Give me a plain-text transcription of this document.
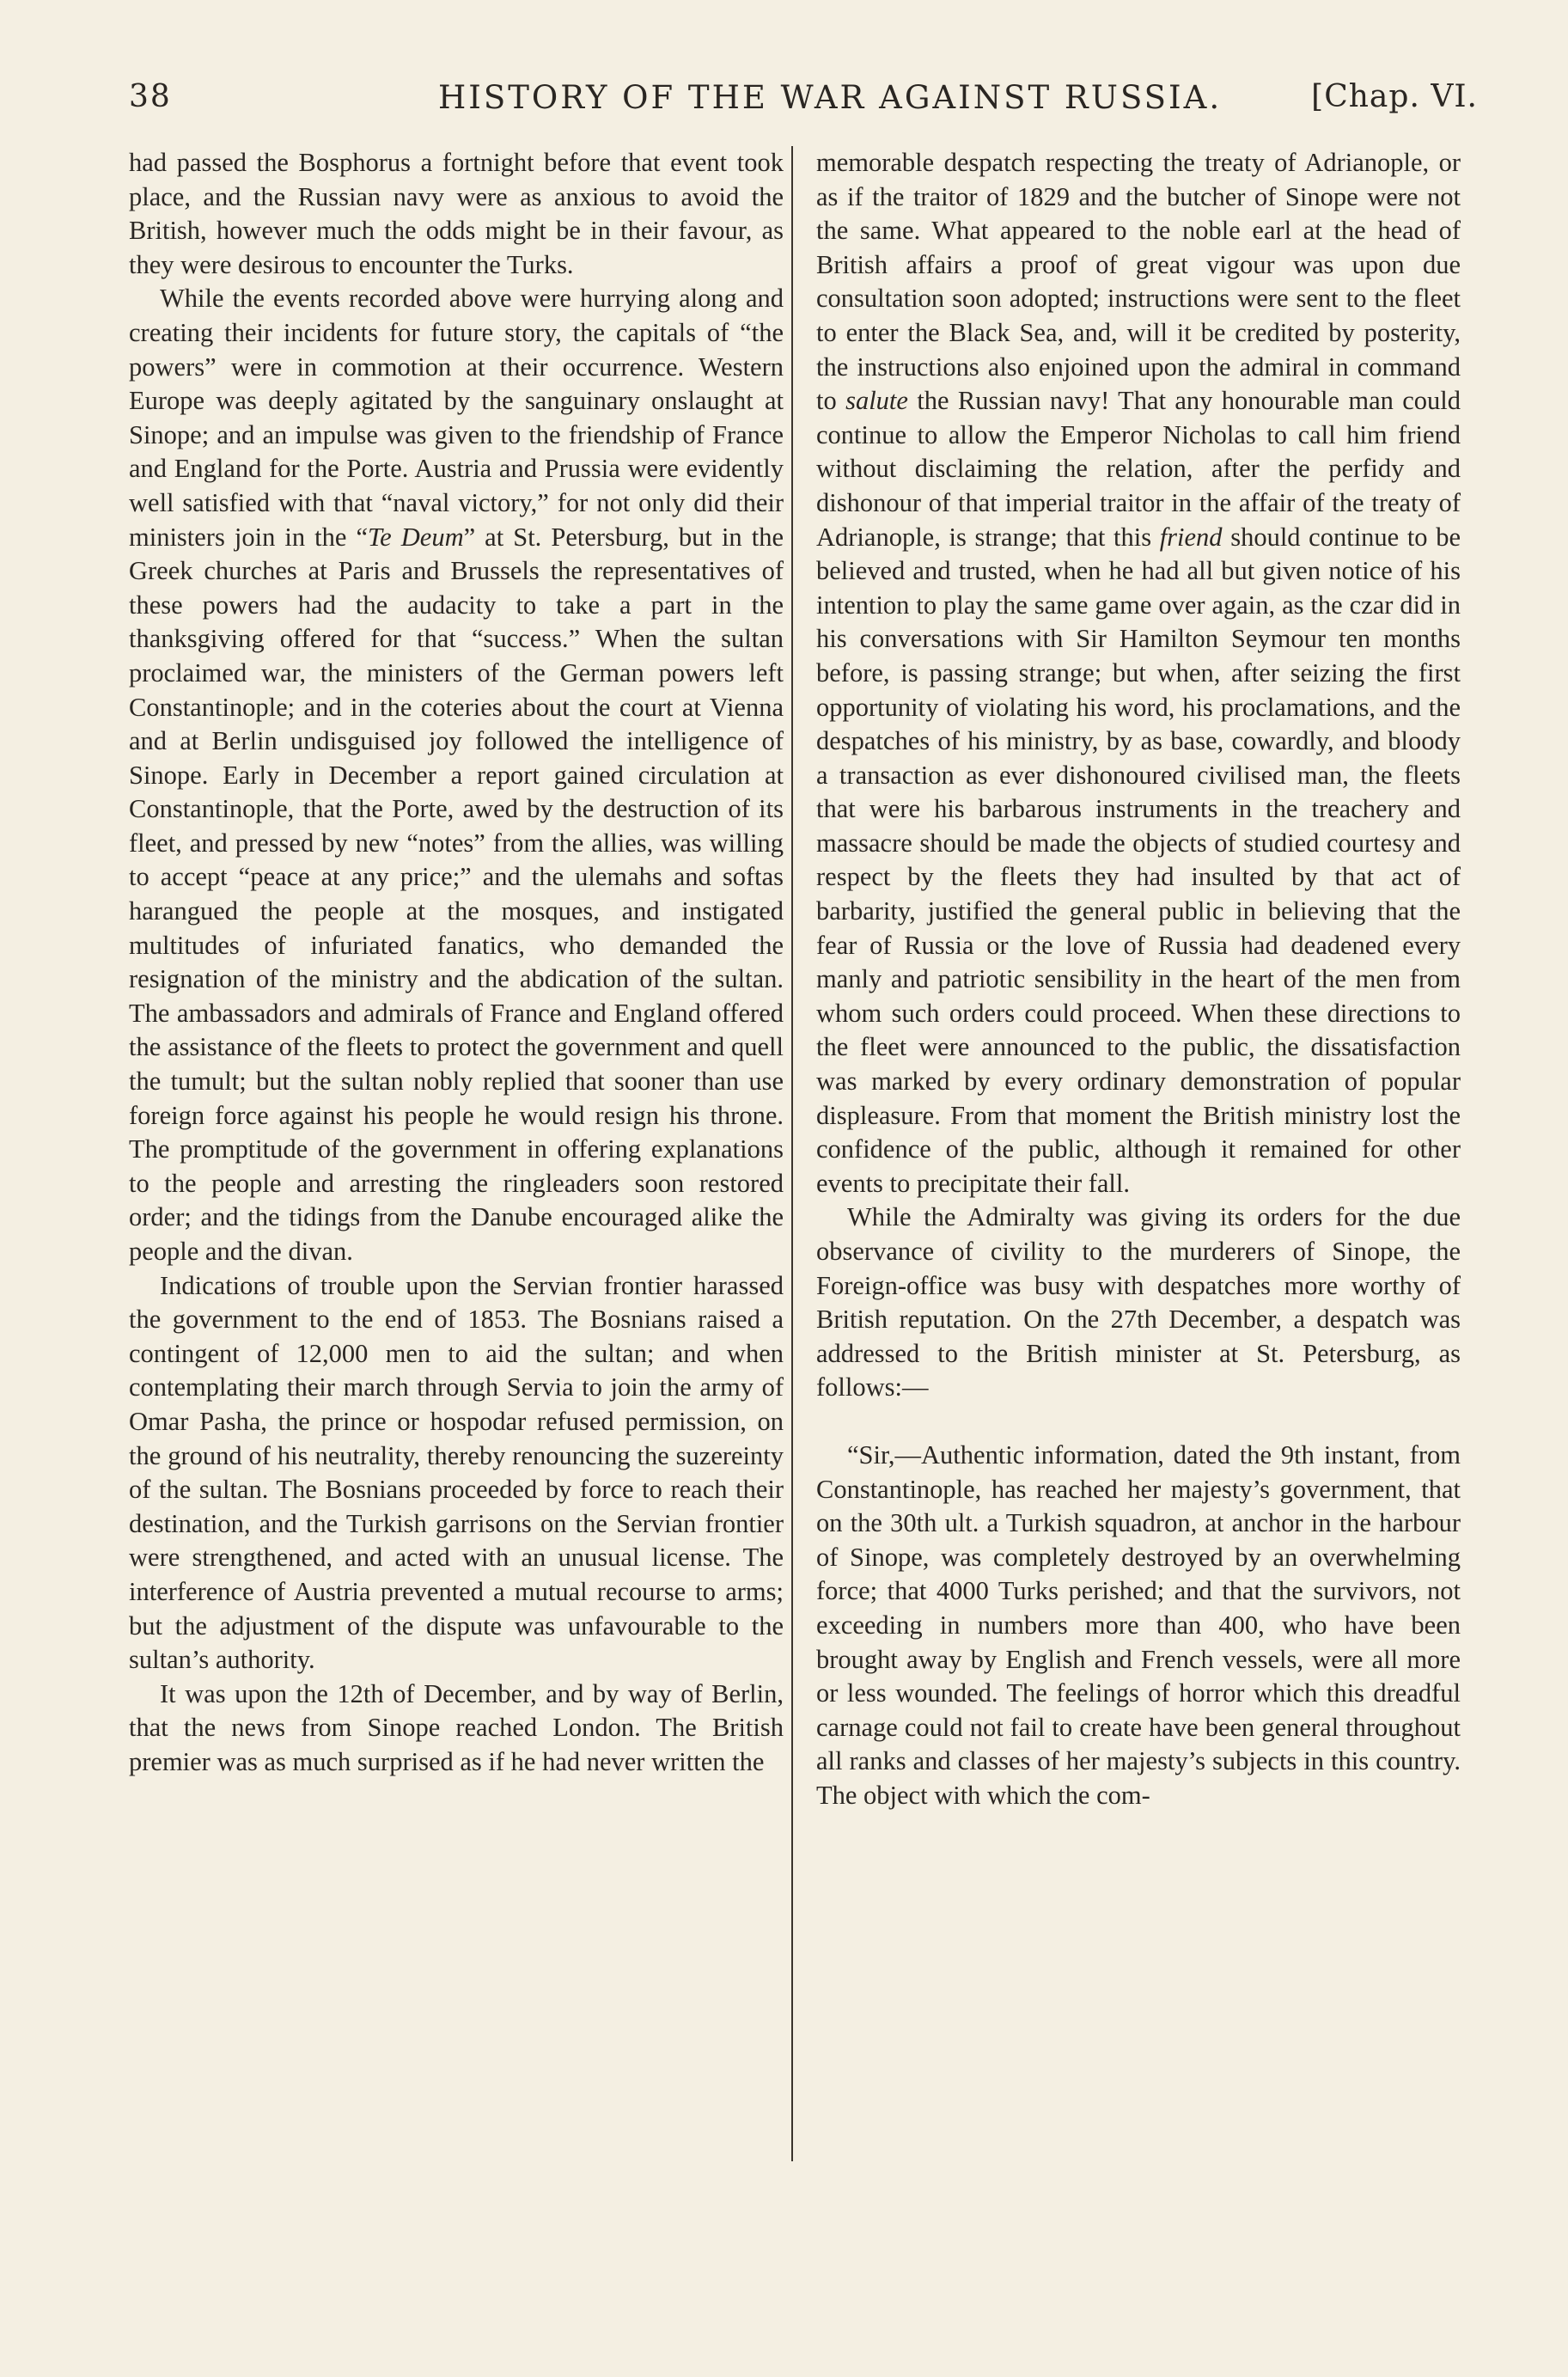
38	HISTORY OF THE WAR AGAINST RUSSIA.	[Chap. VI.

had passed the Bosphorus a fortnight before that event took place, and the Russian navy were as anxious to avoid the British, however much the odds might be in their favour, as they were desirous to encounter the Turks.

While the events recorded above were hurrying along and creating their incidents for future story, the capitals of “the powers” were in commotion at their occurrence. Western Europe was deeply agitated by the sanguinary onslaught at Sinope; and an impulse was given to the friendship of France and England for the Porte. Austria and Prussia were evidently well satisfied with that “naval victory,” for not only did their ministers join in the “Te Deum” at St. Petersburg, but in the Greek churches at Paris and Brussels the representatives of these powers had the audacity to take a part in the thanksgiving offered for that “success.” When the sultan proclaimed war, the ministers of the German powers left Constantinople; and in the coteries about the court at Vienna and at Berlin undisguised joy followed the intelligence of Sinope. Early in December a report gained circulation at Constantinople, that the Porte, awed by the destruction of its fleet, and pressed by new “notes” from the allies, was willing to accept “peace at any price;” and the ulemahs and softas harangued the people at the mosques, and instigated multitudes of infuriated fanatics, who demanded the resignation of the ministry and the abdication of the sultan. The ambassadors and admirals of France and England offered the assistance of the fleets to protect the government and quell the tumult; but the sultan nobly replied that sooner than use foreign force against his people he would resign his throne. The promptitude of the government in offering explanations to the people and arresting the ringleaders soon restored order; and the tidings from the Danube encouraged alike the people and the divan.

Indications of trouble upon the Servian frontier harassed the government to the end of 1853. The Bosnians raised a contingent of 12,000 men to aid the sultan; and when contemplating their march through Servia to join the army of Omar Pasha, the prince or hospodar refused permission, on the ground of his neutrality, thereby renouncing the suzereinty of the sultan. The Bosnians proceeded by force to reach their destination, and the Turkish garrisons on the Servian frontier were strengthened, and acted with an unusual license. The interference of Austria prevented a mutual recourse to arms; but the adjustment of the dispute was unfavourable to the sultan’s authority.

It was upon the 12th of December, and by way of Berlin, that the news from Sinope reached London. The British premier was as much surprised as if he had never written the

memorable despatch respecting the treaty of Adrianople, or as if the traitor of 1829 and the butcher of Sinope were not the same. What appeared to the noble earl at the head of British affairs a proof of great vigour was upon due consultation soon adopted; instructions were sent to the fleet to enter the Black Sea, and, will it be credited by posterity, the instructions also enjoined upon the admiral in command to salute the Russian navy! That any honourable man could continue to allow the Emperor Nicholas to call him friend without disclaiming the relation, after the perfidy and dishonour of that imperial traitor in the affair of the treaty of Adrianople, is strange; that this friend should continue to be believed and trusted, when he had all but given notice of his intention to play the same game over again, as the czar did in his conversations with Sir Hamilton Seymour ten months before, is passing strange; but when, after seizing the first opportunity of violating his word, his proclamations, and the despatches of his ministry, by as base, cowardly, and bloody a transaction as ever dishonoured civilised man, the fleets that were his barbarous instruments in the treachery and massacre should be made the objects of studied courtesy and respect by the fleets they had insulted by that act of barbarity, justified the general public in believing that the fear of Russia or the love of Russia had deadened every manly and patriotic sensibility in the heart of the men from whom such orders could proceed. When these directions to the fleet were announced to the public, the dissatisfaction was marked by every ordinary demonstration of popular displeasure. From that moment the British ministry lost the confidence of the public, although it remained for other events to precipitate their fall.

While the Admiralty was giving its orders for the due observance of civility to the murderers of Sinope, the Foreign-office was busy with despatches more worthy of British reputation. On the 27th December, a despatch was addressed to the British minister at St. Petersburg, as follows:—

“Sir,—Authentic information, dated the 9th instant, from Constantinople, has reached her majesty’s government, that on the 30th ult. a Turkish squadron, at anchor in the harbour of Sinope, was completely destroyed by an overwhelming force; that 4000 Turks perished; and that the survivors, not exceeding in numbers more than 400, who have been brought away by English and French vessels, were all more or less wounded. The feelings of horror which this dreadful carnage could not fail to create have been general throughout all ranks and classes of her majesty’s subjects in this country. The object with which the com-
